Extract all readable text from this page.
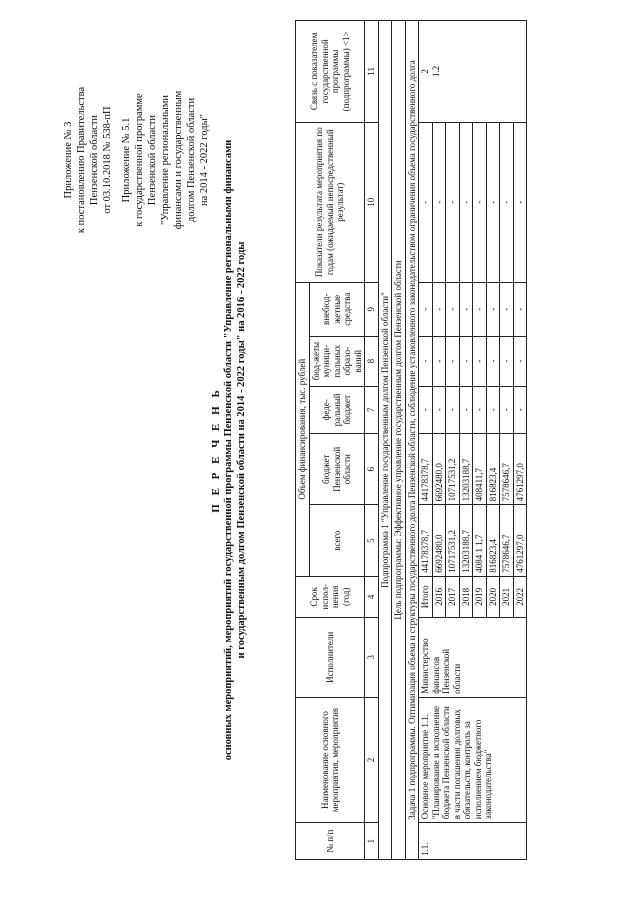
Приложение № 3 к постановлению Правительства Пензенской области от 03.10.2018 № 538-пП Приложение № 5.1 к государственной программе Пензенской области "Управление региональными финансами и государственным долгом Пензенской области на 2014 - 2022 годы"
П Е Р Е Ч Е Н Ь основных мероприятий, мероприятий государственной программы Пензенской области "Управление региональными финансами и государственным долгом Пензенской области на 2014 - 2022 годы" на 2016 - 2022 годы
№ п/п	Наименование основного мероприятия, мероприятия	Исполнители	Срок испол-нения (год)	Объем финансирования, тыс. рублей					Показатели результата мероприятия по годам (ожидаемый непосредственный результат)	Связь с показателем государственной программы (подпрограммы) <1>
				всего	бюджет Пензенской области	феде-ральный бюджет	бюд-жеты муници-пальных образо-ваний	внебюд-жетные средства		
1	2	3	4	5	6	7	8	9	10	11
Подпрограмма 1 "Управление государственным долгом Пензенской области"										
Цель подпрограммы: Эффективное управление государственным долгом Пензенской области										
Задача 1 подпрограммы. Оптимизация объема и структуры государственного долга Пензенской области, соблюдение установленного законодательством ограничения объема государственного долга										
1.1.	Основное мероприятие 1.1. "Планирование и исполнение бюджета Пензенской области в части погашения долговых обязательств, контроль за исполнением бюджетного законодательства"	Министерство финансов Пензенской области	Итого	44178378,7	44178378,7	-	-	-	-	2 1.2

			2016	6692480,0	6692480,0	-	-	-	-	
			2017	10717531,2	10717531,2	-	-	-	-	
			2018	13203188,7	13203188,7	-	-	-	-	
			2019	4084 1 1,7	408411,7	-	-	-	-	
			2020	816823,4	816823,4	-	-	-	-	
			2021	7578646,7	7578646,7	-	-	-	-	
			2022	4761297,0	4761297,0	-	-	-	-	
